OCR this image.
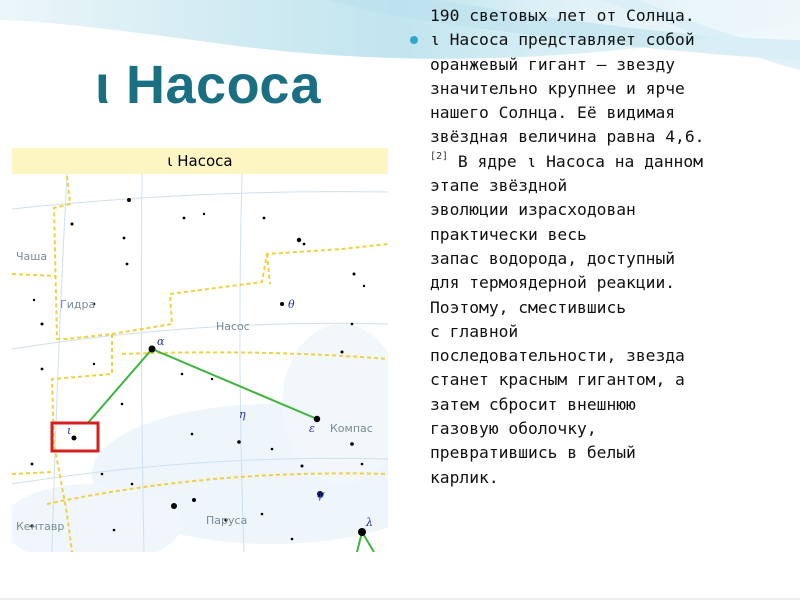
ι Насоса
ι Насоса
Чаша
Гидра
Насос
Компас
Паруса
Кентавр
α
ι
η
θ
ε
ψ
λ

190 световых лет от Солнца.

ι Насоса представляет собой
оранжевый гигант — звезду
значительно крупнее и ярче
нашего Солнца. Её видимая
звёздная величина равна 4,6.
[2] В ядре ι Насоса на данном
этапе звёздной
эволюции израсходован
практически весь
запас водорода, доступный
для термоядерной реакции.
Поэтому, сместившись
с главной
последовательности, звезда
станет красным гигантом, а
затем сбросит внешнюю
газовую оболочку,
превратившись в белый
карлик.
